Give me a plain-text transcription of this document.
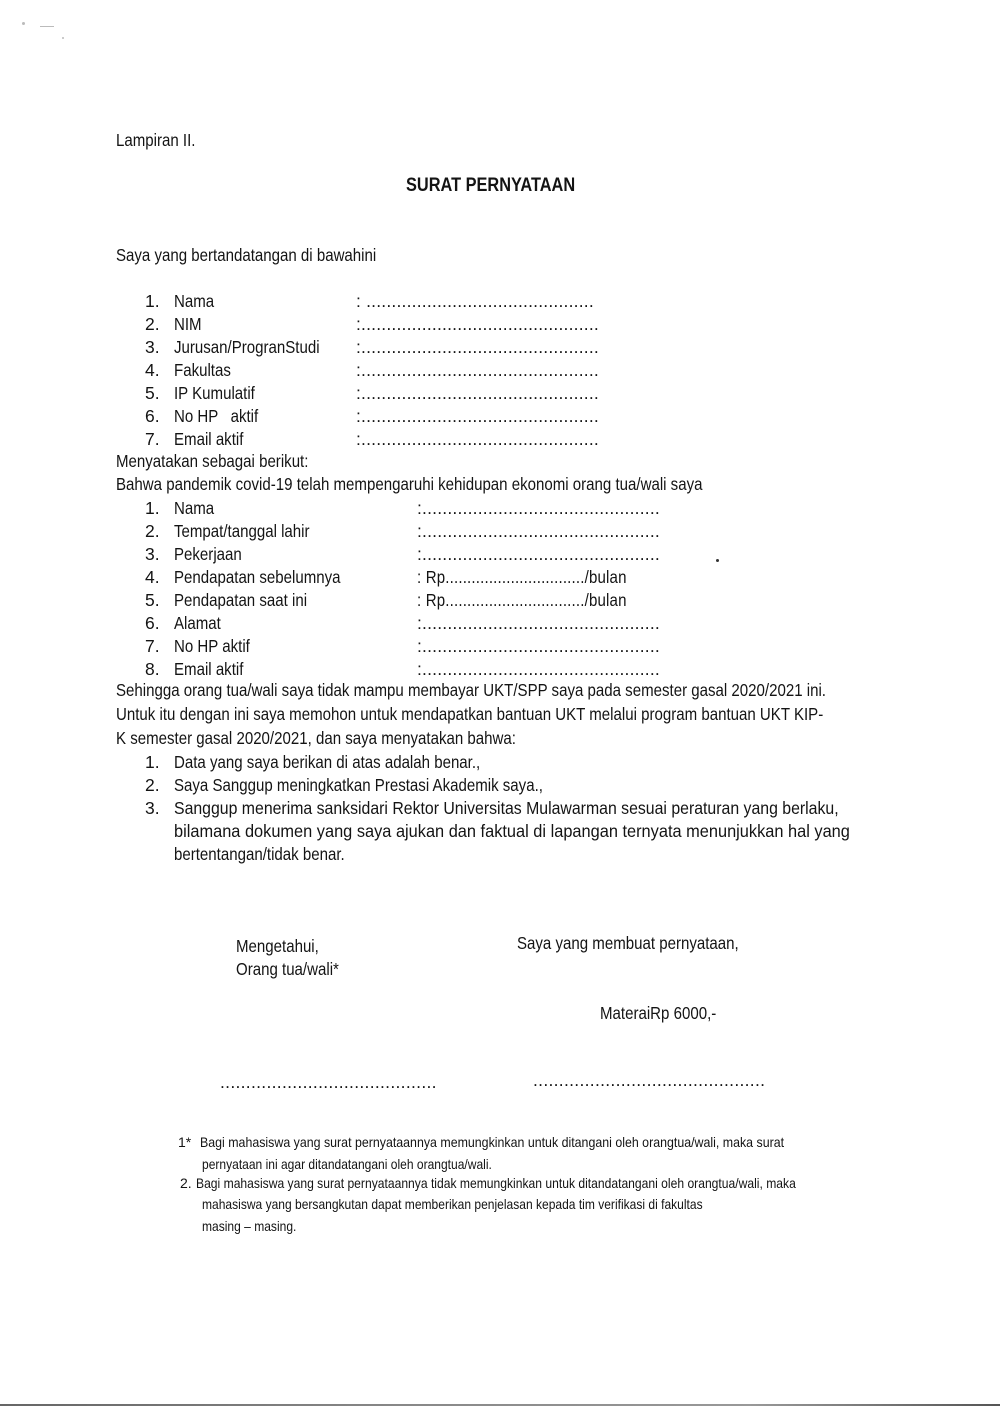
Lampiran II.
SURAT PERNYATAAN
Saya yang bertandatangan di bawahini
1. Nama	: .............................................
2. NIM	:...............................................
3. Jurusan/ProgranStudi :...............................................
4. Fakultas	:...............................................
5. IP Kumulatif	:...............................................
6. No HP   aktif	:...............................................
7. Email aktif	:...............................................
Menyatakan sebagai berikut:
Bahwa pandemik covid-19 telah mempengaruhi kehidupan ekonomi orang tua/wali saya
1. Nama	:...............................................
2. Tempat/tanggal lahir	:...............................................
3. Pekerjaan	:...............................................
4. Pendapatan sebelumnya	: Rp................................/bulan
5. Pendapatan saat ini	: Rp................................/bulan
6. Alamat	:...............................................
7. No HP aktif	:...............................................
8. Email aktif	:...............................................
Sehingga orang tua/wali saya tidak mampu membayar UKT/SPP saya pada semester gasal 2020/2021 ini.
Untuk itu dengan ini saya memohon untuk mendapatkan bantuan UKT melalui program bantuan UKT KIP-
K semester gasal 2020/2021, dan saya menyatakan bahwa:
1. Data yang saya berikan di atas adalah benar.,
2. Saya Sanggup meningkatkan Prestasi Akademik saya.,
3. Sanggup menerima sanksidari Rektor Universitas Mulawarman sesuai peraturan yang berlaku,
bilamana dokumen yang saya ajukan dan faktual di lapangan ternyata menunjukkan hal yang
bertentangan/tidak benar.
Mengetahui,
Orang tua/wali*
Saya yang membuat pernyataan,
MateraiRp 6000,-
..........................................	.............................................
1* Bagi mahasiswa yang surat pernyataannya memungkinkan untuk ditangani oleh orangtua/wali, maka surat
pernyataan ini agar ditandatangani oleh orangtua/wali.
2. Bagi mahasiswa yang surat pernyataannya tidak memungkinkan untuk ditandatangani oleh orangtua/wali, maka
mahasiswa yang bersangkutan dapat memberikan penjelasan kepada tim verifikasi di fakultas
masing – masing.
